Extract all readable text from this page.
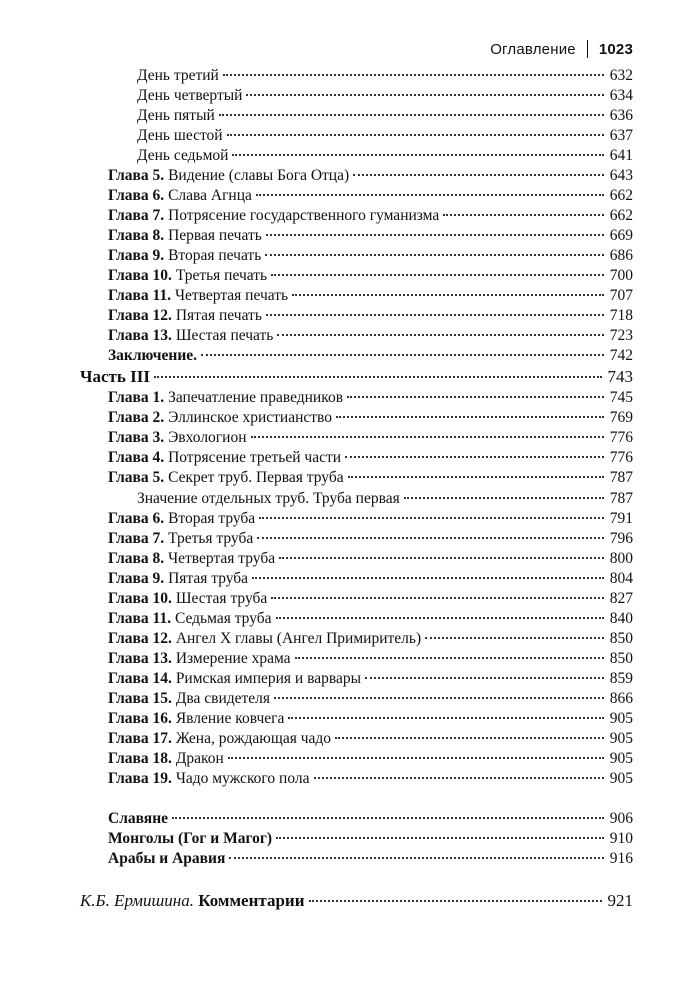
Оглавление 1023
День третий	632
День четвертый	634
День пятый	636
День шестой	637
День седьмой	641
Глава 5. Видение (славы Бога Отца)	643
Глава 6. Слава Агнца	662
Глава 7. Потрясение государственного гуманизма	662
Глава 8. Первая печать	669
Глава 9. Вторая печать	686
Глава 10. Третья печать	700
Глава 11. Четвертая печать	707
Глава 12. Пятая печать	718
Глава 13. Шестая печать	723
Заключение.	742
Часть III	743
Глава 1. Запечатление праведников	745
Глава 2. Эллинское христианство	769
Глава 3. Эвхологион	776
Глава 4. Потрясение третьей части	776
Глава 5. Секрет труб. Первая труба	787
Значение отдельных труб. Труба первая	787
Глава 6. Вторая труба	791
Глава 7. Третья труба	796
Глава 8. Четвертая труба	800
Глава 9. Пятая труба	804
Глава 10. Шестая труба	827
Глава 11. Седьмая труба	840
Глава 12. Ангел X главы (Ангел Примиритель)	850
Глава 13. Измерение храма	850
Глава 14. Римская империя и варвары	859
Глава 15. Два свидетеля	866
Глава 16. Явление ковчега	905
Глава 17. Жена, рождающая чадо	905
Глава 18. Дракон	905
Глава 19. Чадо мужского пола	905
Славяне	906
Монголы (Гог и Магог)	910
Арабы и Аравия	916
К.Б. Ермишина. Комментарии	921
